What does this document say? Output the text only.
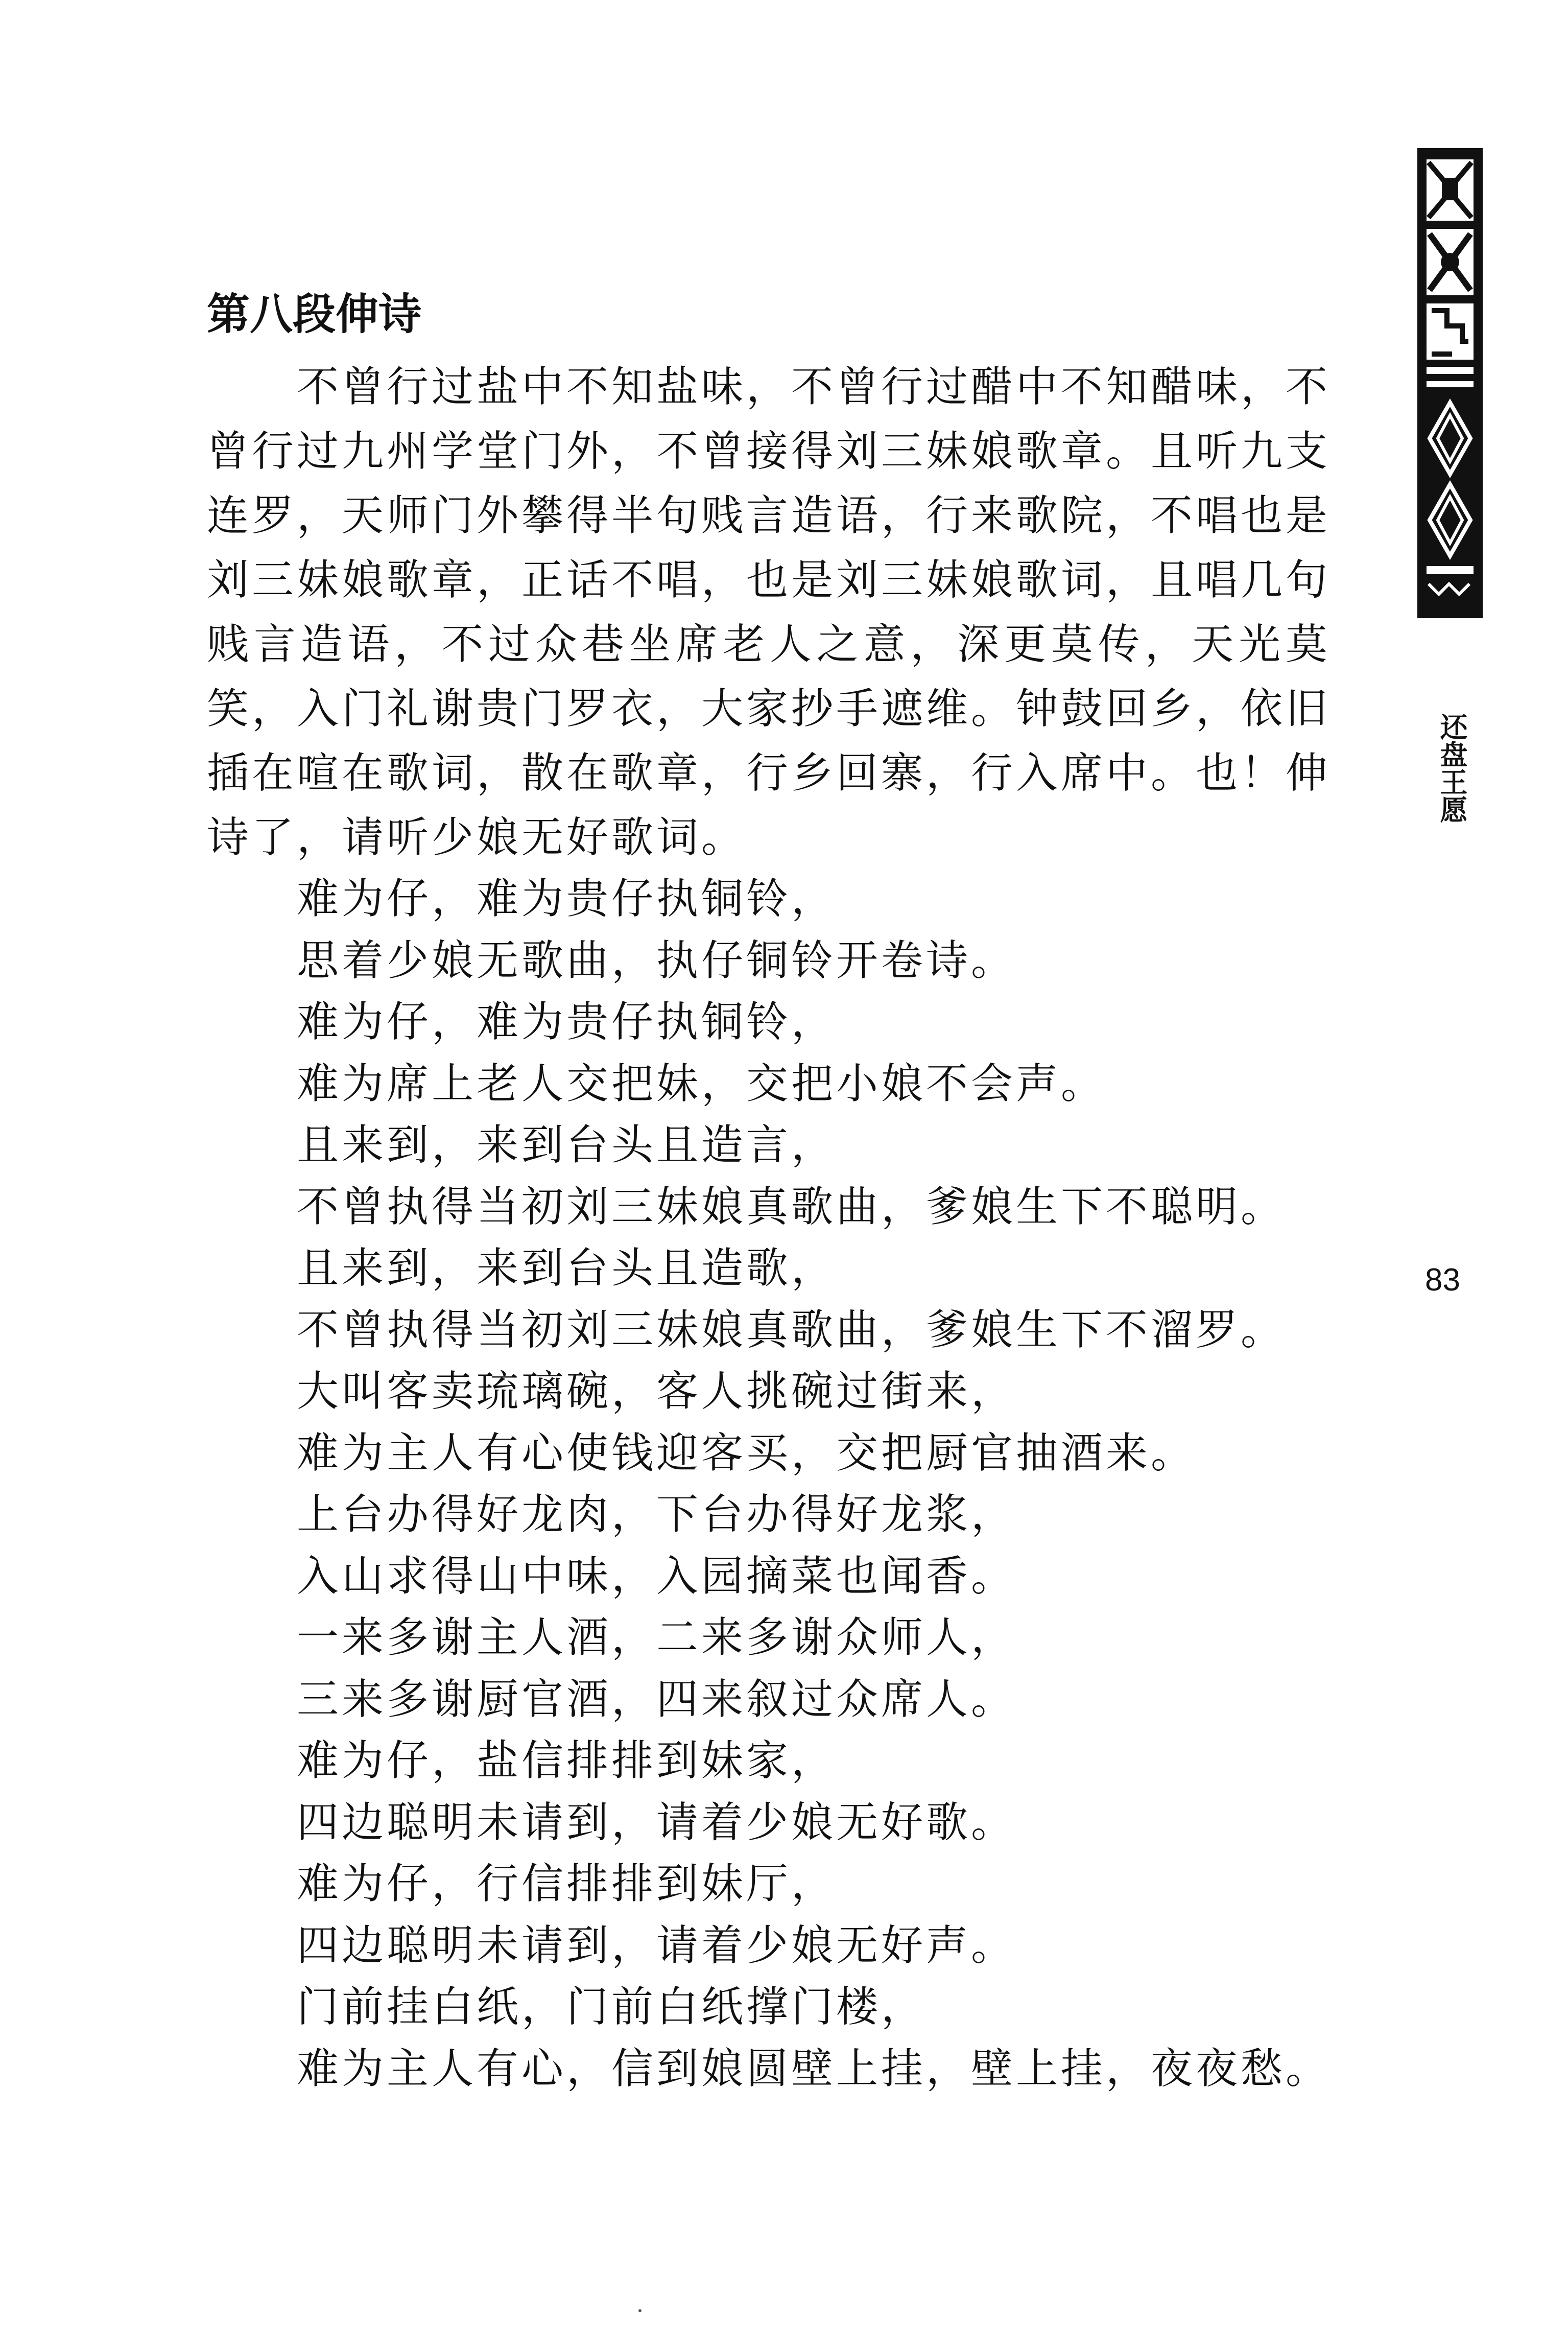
第八段伸诗

不曾行过盐中不知盐味，不曾行过醋中不知醋味，不曾行过九州学堂门外，不曾接得刘三妹娘歌章。且听九支连罗，天师门外攀得半句贱言造语，行来歌院，不唱也是刘三妹娘歌章，正话不唱，也是刘三妹娘歌词，且唱几句贱言造语，不过众巷坐席老人之意，深更莫传，天光莫笑，入门礼谢贵门罗衣，大家抄手遮维。钟鼓回乡，依旧插在喧在歌词，散在歌章，行乡回寨，行入席中。也！伸诗了，请听少娘无好歌词。

难为仔，难为贵仔执铜铃，
思着少娘无歌曲，执仔铜铃开卷诗。
难为仔，难为贵仔执铜铃，
难为席上老人交把妹，交把小娘不会声。
且来到，来到台头且造言，
不曾执得当初刘三妹娘真歌曲，爹娘生下不聪明。
且来到，来到台头且造歌，
不曾执得当初刘三妹娘真歌曲，爹娘生下不溜罗。
大叫客卖琉璃碗，客人挑碗过街来，
难为主人有心使钱迎客买，交把厨官抽酒来。
上台办得好龙肉，下台办得好龙浆，
入山求得山中味，入园摘菜也闻香。
一来多谢主人酒，二来多谢众师人，
三来多谢厨官酒，四来叙过众席人。
难为仔，盐信排排到妹家，
四边聪明未请到，请着少娘无好歌。
难为仔，行信排排到妹厅，
四边聪明未请到，请着少娘无好声。
门前挂白纸，门前白纸撑门楼，
难为主人有心，信到娘圆壁上挂，壁上挂，夜夜愁。
还盘王愿
83
